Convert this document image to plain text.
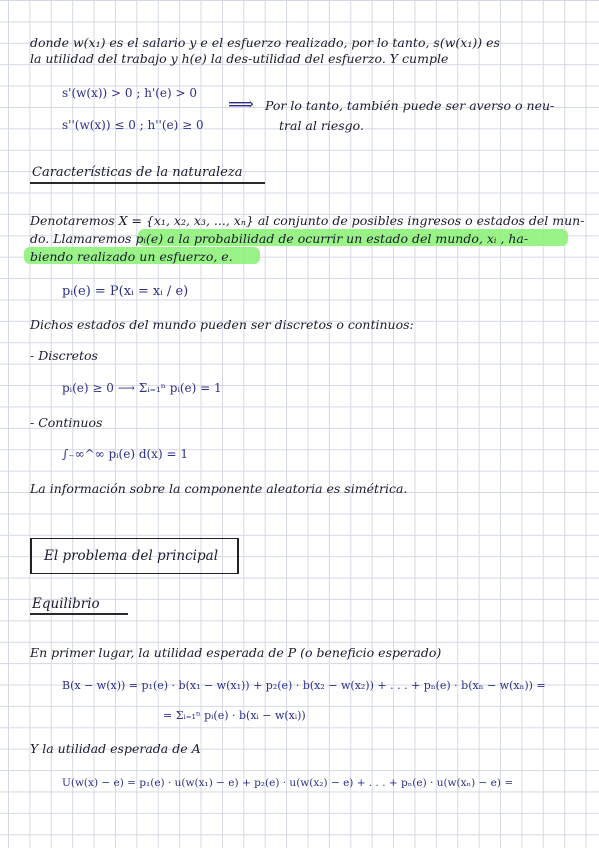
donde w(x₁) es el salario y e el esfuerzo realizado, por lo tanto, s(w(x₁)) es
la utilidad del trabajo y h(e) la des-utilidad del esfuerzo. Y cumple
s'(w(x)) > 0 ; h'(e) > 0
s''(w(x)) ≤ 0 ; h''(e) ≥ 0
⟹ Por lo tanto, también puede ser averso o neu-
tral al riesgo.
Características de la naturaleza
Denotaremos X = {x₁, x₂, x₃, ..., xₙ} al conjunto de posibles ingresos o estados del mun-
do. Llamaremos pᵢ(e) a la probabilidad de ocurrir un estado del mundo, xᵢ , ha-
biendo realizado un esfuerzo, e.
pᵢ(e) = P(xᵢ = xᵢ / e)
Dichos estados del mundo pueden ser discretos o continuos:
- Discretos
pᵢ(e) ≥ 0 ⟶ Σᵢ₌₁ⁿ pᵢ(e) = 1
- Continuos
∫₋∞^∞ pᵢ(e) d(x) = 1
La información sobre la componente aleatoria es simétrica.
El problema del principal
Equilibrio
En primer lugar, la utilidad esperada de P (o beneficio esperado)
B(x − w(x)) = p₁(e) · b(x₁ − w(x₁)) + p₂(e) · b(x₂ − w(x₂)) + . . . + pₙ(e) · b(xₙ − w(xₙ)) =
= Σᵢ₌₁ⁿ pᵢ(e) · b(xᵢ − w(xᵢ))
Y la utilidad esperada de A
U(w(x) − e) = p₁(e) · u(w(x₁) − e) + p₂(e) · u(w(x₂) − e) + . . . + pₙ(e) · u(w(xₙ) − e) =
